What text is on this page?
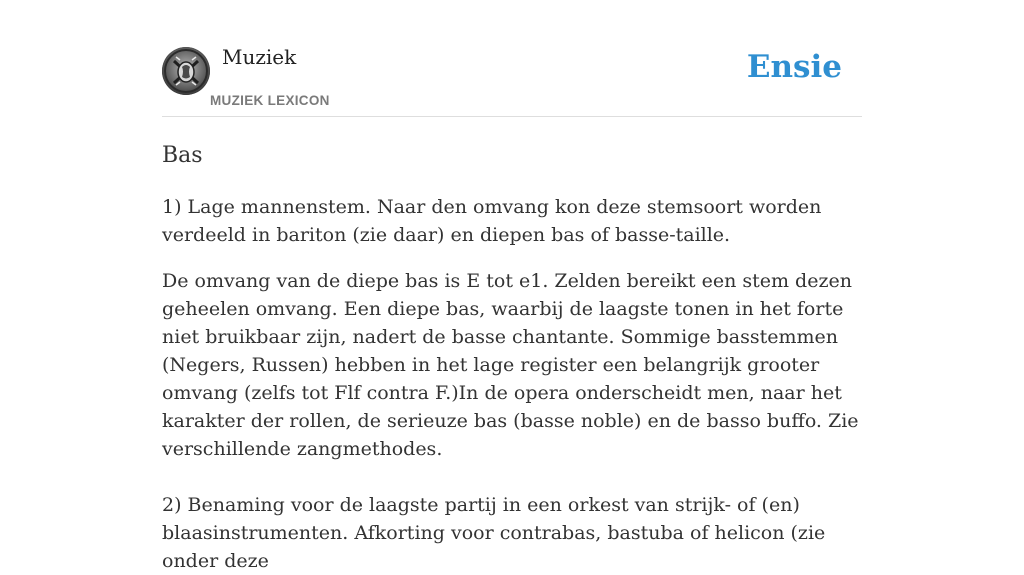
Muziek
MUZIEK LEXICON
Ensie
Bas

1) Lage mannenstem. Naar den omvang kon deze stemsoort worden verdeeld in bariton (zie daar) en diepen bas of basse-taille.

De omvang van de diepe bas is E tot e1. Zelden bereikt een stem dezen geheelen omvang. Een diepe bas, waarbij de laagste tonen in het forte niet bruikbaar zijn, nadert de basse chantante. Sommige basstemmen (Negers, Russen) hebben in het lage register een belangrijk grooter omvang (zelfs tot Flf contra F.)In de opera onderscheidt men, naar het karakter der rollen, de serieuze bas (basse noble) en de basso buffo. Zie verschillende zangmethodes.

2) Benaming voor de laagste partij in een orkest van strijk- of (en) blaasinstrumenten. Afkorting voor contrabas, bastuba of helicon (zie onder deze
